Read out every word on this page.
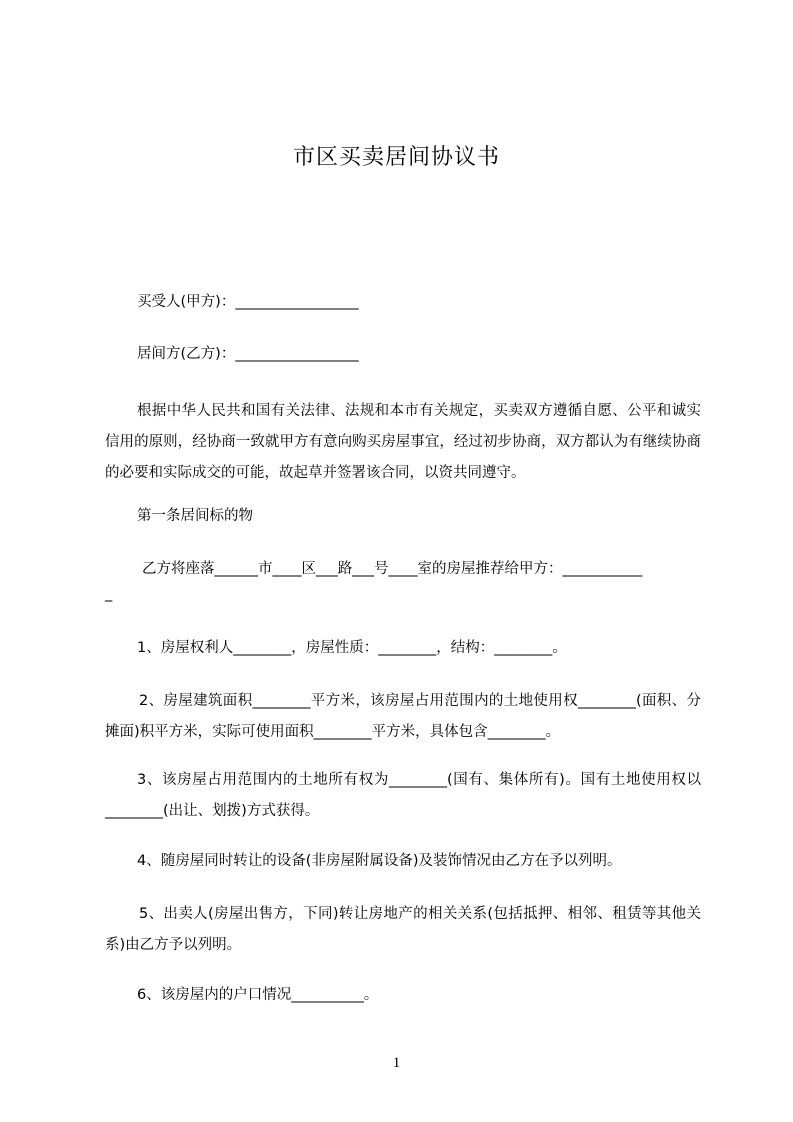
市区买卖居间协议书
买受人(甲方)：_________________
居间方(乙方)：_________________
根据中华人民共和国有关法律、法规和本市有关规定，买卖双方遵循自愿、公平和诚实信用的原则，经协商一致就甲方有意向购买房屋事宜，经过初步协商，双方都认为有继续协商的必要和实际成交的可能，故起草并签署该合同，以资共同遵守。
第一条居间标的物
乙方将座落______市____区___路___号____室的房屋推荐给甲方：___________
_
1、房屋权利人________，房屋性质：________，结构：________。
2、房屋建筑面积________平方米，该房屋占用范围内的土地使用权________(面积、分摊面)积平方米，实际可使用面积________平方米，具体包含________。
3、该房屋占用范围内的土地所有权为________(国有、集体所有)。国有土地使用权以________(出让、划拨)方式获得。
4、随房屋同时转让的设备(非房屋附属设备)及装饰情况由乙方在予以列明。
5、出卖人(房屋出售方，下同)转让房地产的相关关系(包括抵押、相邻、租赁等其他关系)由乙方予以列明。
6、该房屋内的户口情况__________。
1
